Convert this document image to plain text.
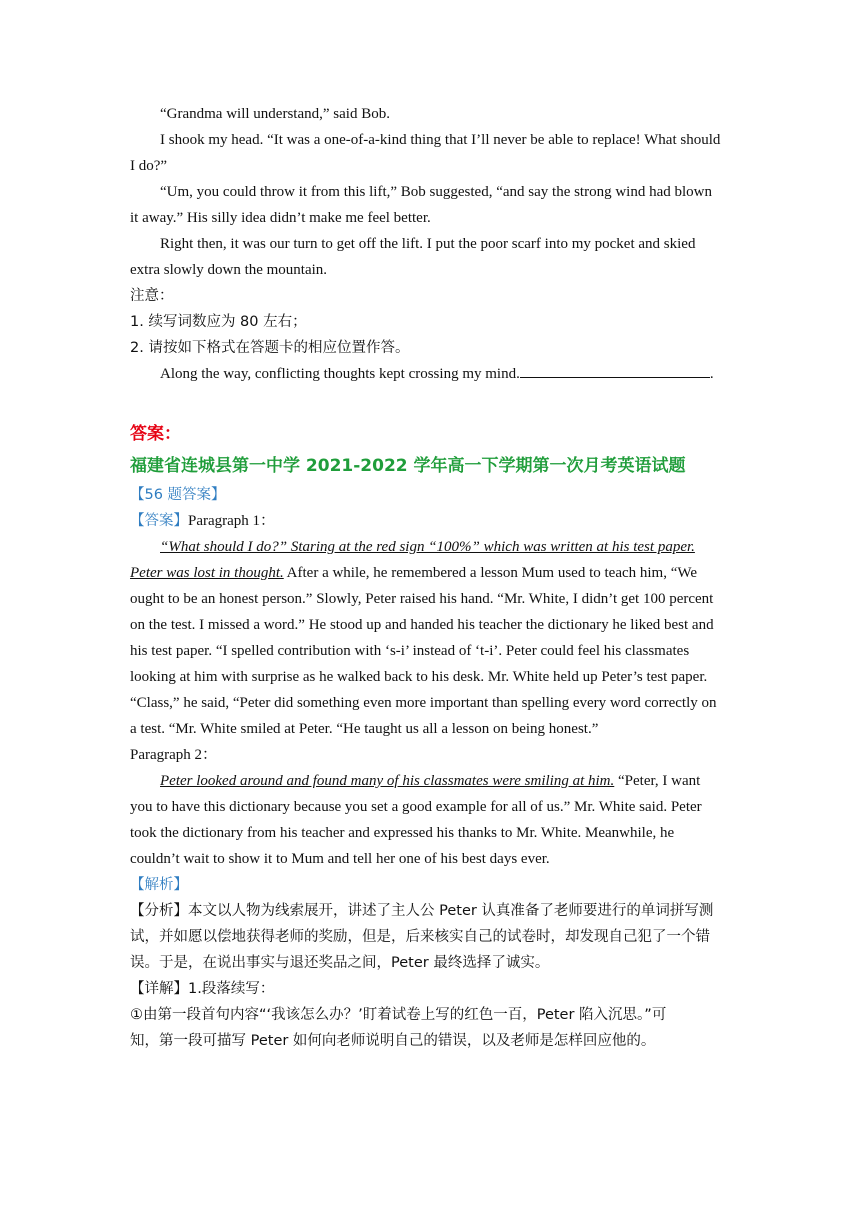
“Grandma will understand,” said Bob.
I shook my head. “It was a one-of-a-kind thing that I’ll never be able to replace! What should
I do?”
“Um, you could throw it from this lift,” Bob suggested, “and say the strong wind had blown
it away.” His silly idea didn’t make me feel better.
Right then, it was our turn to get off the lift. I put the poor scarf into my pocket and skied
extra slowly down the mountain.
注意：
1. 续写词数应为 80 左右；
2. 请按如下格式在答题卡的相应位置作答。
Along the way, conflicting thoughts kept crossing my mind.	.
答案：
福建省连城县第一中学 2021-2022 学年高一下学期第一次月考英语试题
【56 题答案】
【答案】Paragraph 1：
“What should I do?” Staring at the red sign “100%” which was written at his test paper.
Peter was lost in thought. After a while, he remembered a lesson Mum used to teach him, “We
ought to be an honest person.” Slowly, Peter raised his hand. “Mr. White, I didn’t get 100 percent
on the test. I missed a word.” He stood up and handed his teacher the dictionary he liked best and
his test paper. “I spelled contribution with ‘s-i’ instead of ‘t-i’. Peter could feel his classmates
looking at him with surprise as he walked back to his desk. Mr. White held up Peter’s test paper.
“Class,” he said, “Peter did something even more important than spelling every word correctly on
a test. “Mr. White smiled at Peter. “He taught us all a lesson on being honest.”
Paragraph 2：
Peter looked around and found many of his classmates were smiling at him. “Peter, I want
you to have this dictionary because you set a good example for all of us.” Mr. White said. Peter
took the dictionary from his teacher and expressed his thanks to Mr. White. Meanwhile, he
couldn’t wait to show it to Mum and tell her one of his best days ever.
【解析】
【分析】本文以人物为线索展开，讲述了主人公 Peter 认真准备了老师要进行的单词拼写测
试，并如愿以偿地获得老师的奖励，但是，后来核实自己的试卷时，却发现自己犯了一个错
误。于是，在说出事实与退还奖品之间，Peter 最终选择了诚实。
【详解】1.段落续写：
①由第一段首句内容“‘我该怎么办？’盯着试卷上写的红色一百，Peter 陷入沉思。”可
知，第一段可描写 Peter 如何向老师说明自己的错误，以及老师是怎样回应他的。
